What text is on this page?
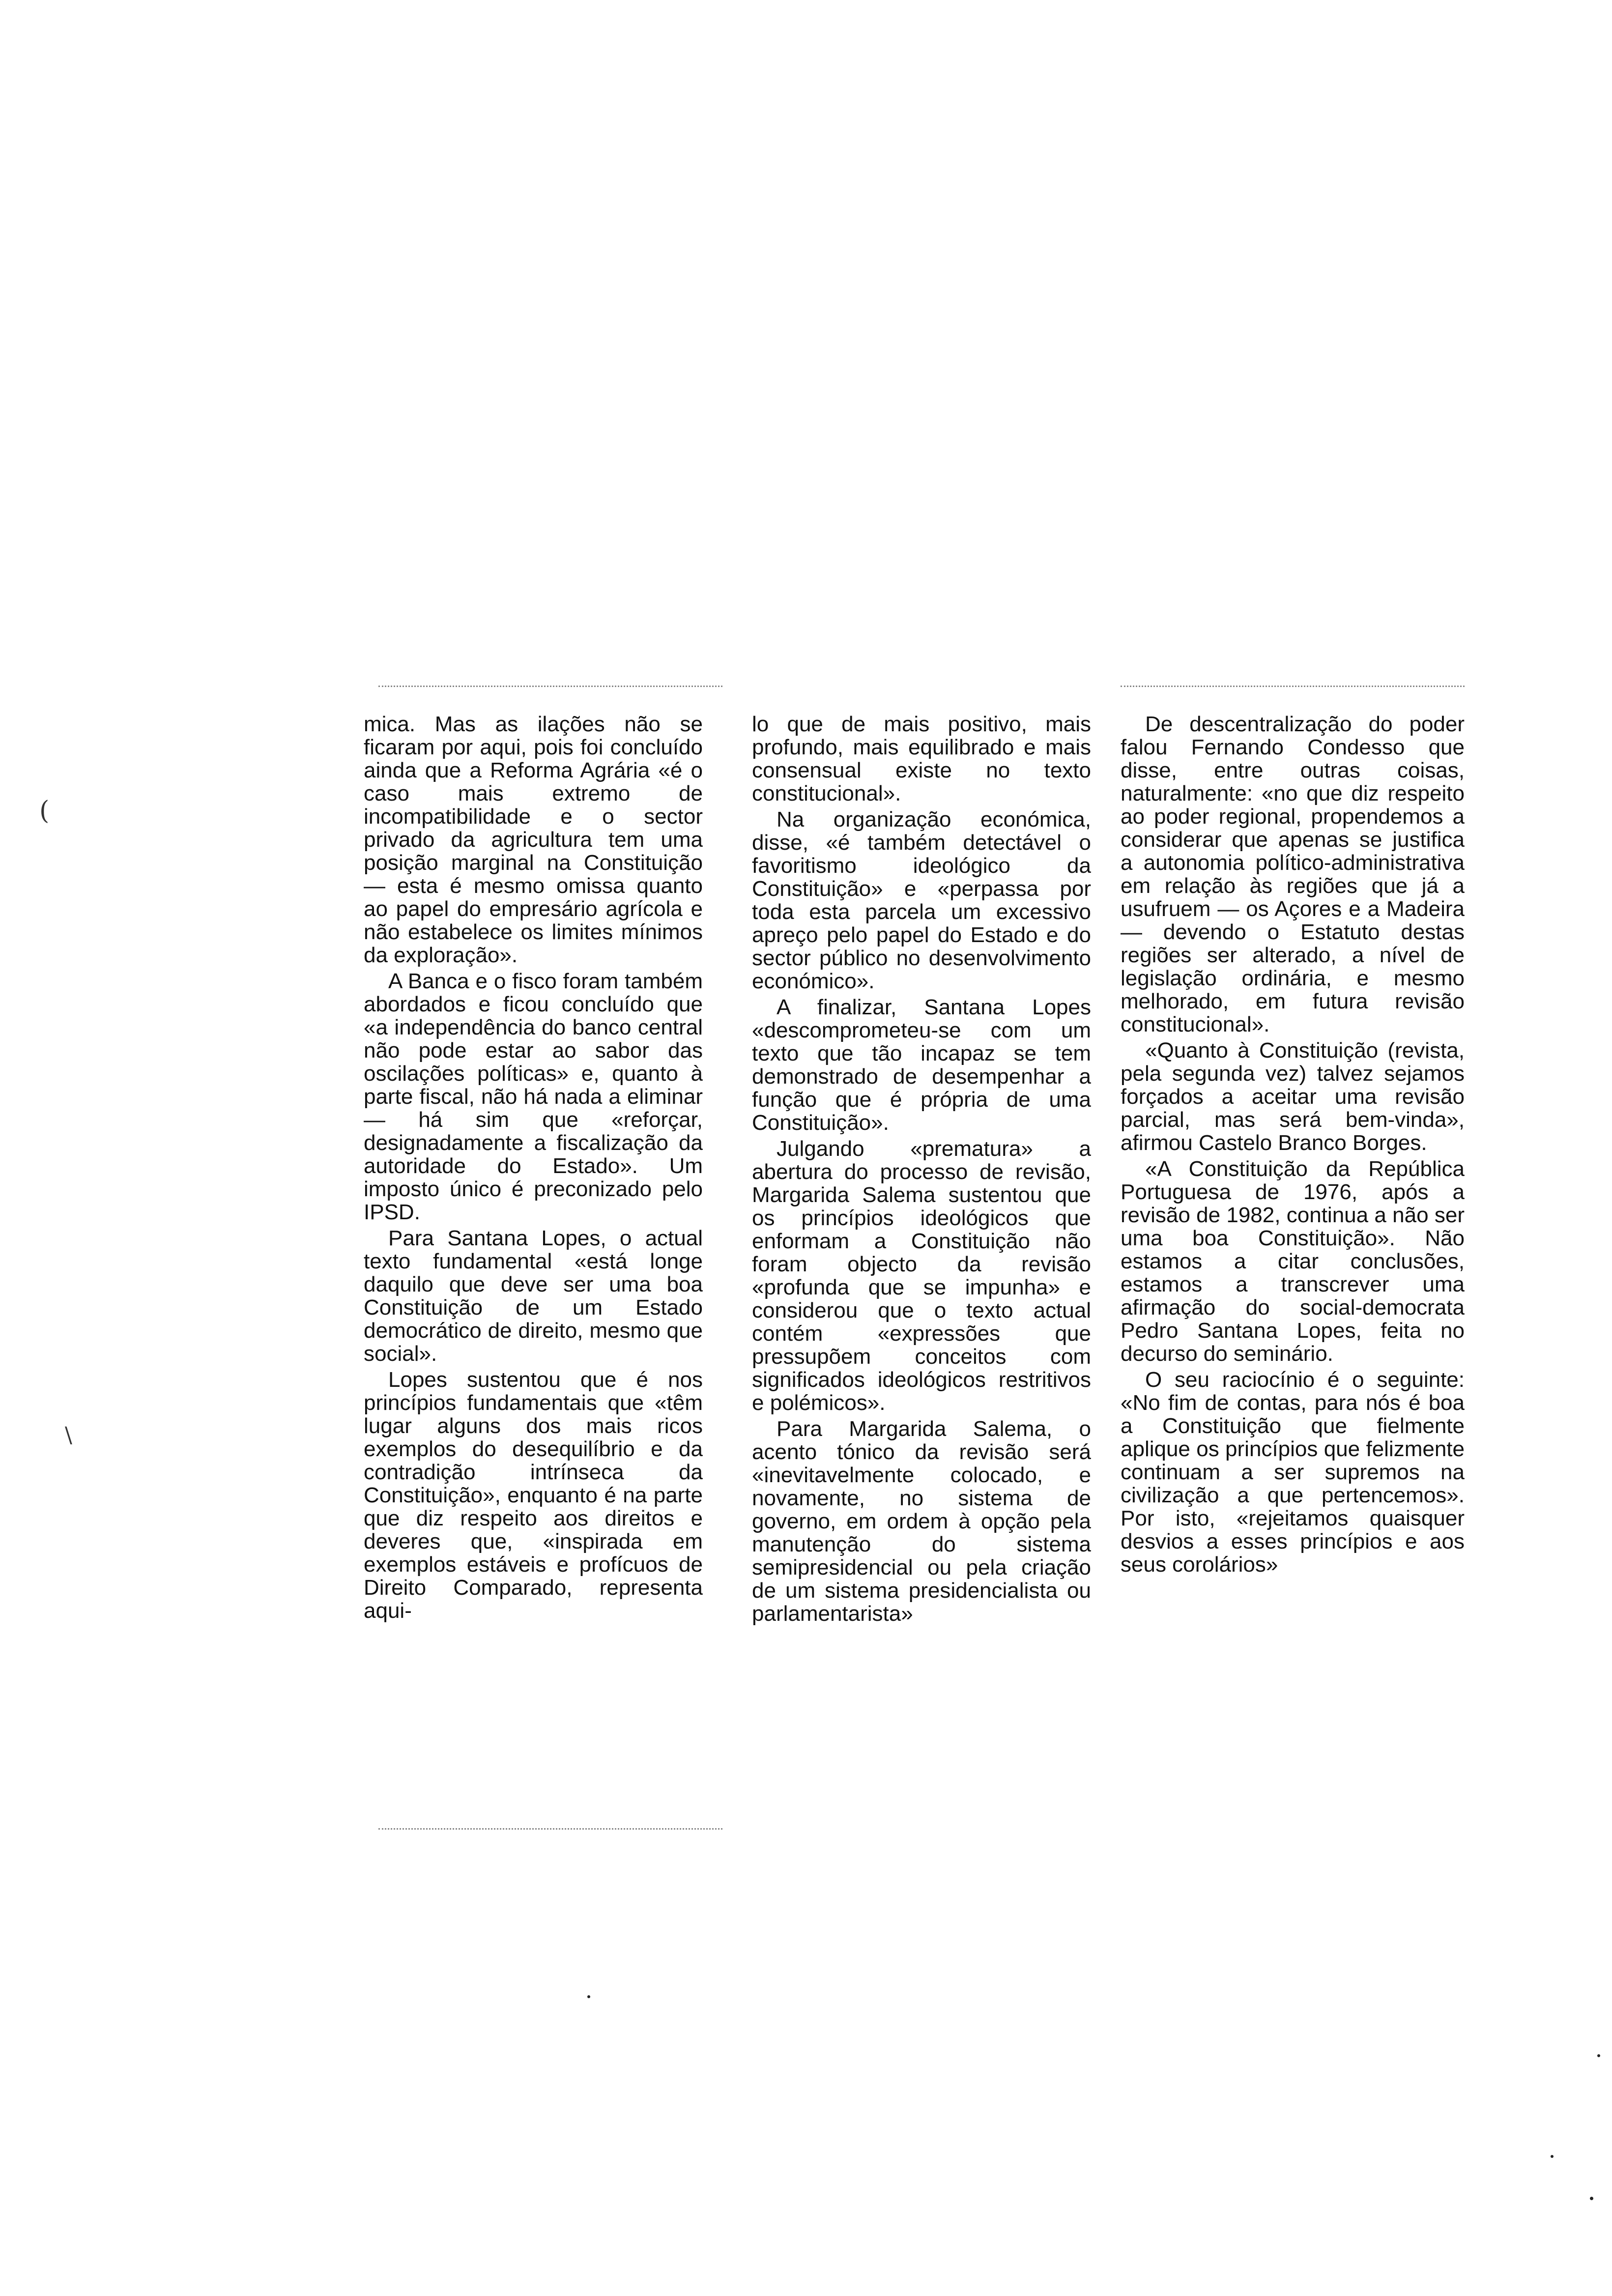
mica. Mas as ilações não se ficaram por aqui, pois foi concluído ainda que a Reforma Agrária «é o caso mais extremo de incompatibilidade e o sector privado da agricultura tem uma posição marginal na Constituição — esta é mesmo omissa quanto ao papel do empresário agrícola e não estabelece os limites mínimos da exploração».

A Banca e o fisco foram também abordados e ficou concluído que «a independência do banco central não pode estar ao sabor das oscilações políticas» e, quanto à parte fiscal, não há nada a eliminar — há sim que «reforçar, designadamente a fiscalização da autoridade do Estado». Um imposto único é preconizado pelo IPSD.

Para Santana Lopes, o actual texto fundamental «está longe daquilo que deve ser uma boa Constituição de um Estado democrático de direito, mesmo que social».

Lopes sustentou que é nos princípios fundamentais que «têm lugar alguns dos mais ricos exemplos do desequilíbrio e da contradição intrínseca da Constituição», enquanto é na parte que diz respeito aos direitos e deveres que, «inspirada em exemplos estáveis e profícuos de Direito Comparado, representa aqui-

lo que de mais positivo, mais profundo, mais equilibrado e mais consensual existe no texto constitucional».

Na organização económica, disse, «é também detectável o favoritismo ideológico da Constituição» e «perpassa por toda esta parcela um excessivo apreço pelo papel do Estado e do sector público no desenvolvimento económico».

A finalizar, Santana Lopes «descomprometeu-se com um texto que tão incapaz se tem demonstrado de desempenhar a função que é própria de uma Constituição».

Julgando «prematura» a abertura do processo de revisão, Margarida Salema sustentou que os princípios ideológicos que enformam a Constituição não foram objecto da revisão «profunda que se impunha» e considerou que o texto actual contém «expressões que pressupõem conceitos com significados ideológicos restritivos e polémicos».

Para Margarida Salema, o acento tónico da revisão será «inevitavelmente colocado, e novamente, no sistema de governo, em ordem à opção pela manutenção do sistema semipresidencial ou pela criação de um sistema presidencialista ou parlamentarista»

De descentralização do poder falou Fernando Condesso que disse, entre outras coisas, naturalmente: «no que diz respeito ao poder regional, propendemos a considerar que apenas se justifica a autonomia político-administrativa em relação às regiões que já a usufruem — os Açores e a Madeira — devendo o Estatuto destas regiões ser alterado, a nível de legislação ordinária, e mesmo melhorado, em futura revisão constitucional».

«Quanto à Constituição (revista, pela segunda vez) talvez sejamos forçados a aceitar uma revisão parcial, mas será bem-vinda», afirmou Castelo Branco Borges.

«A Constituição da República Portuguesa de 1976, após a revisão de 1982, continua a não ser uma boa Constituição». Não estamos a citar conclusões, estamos a transcrever uma afirmação do social-democrata Pedro Santana Lopes, feita no decurso do seminário.

O seu raciocínio é o seguinte: «No fim de contas, para nós é boa a Constituição que fielmente aplique os princípios que felizmente continuam a ser supremos na civilização a que pertencemos». Por isto, «rejeitamos quaisquer desvios a esses princípios e aos seus corolários»

(
\
